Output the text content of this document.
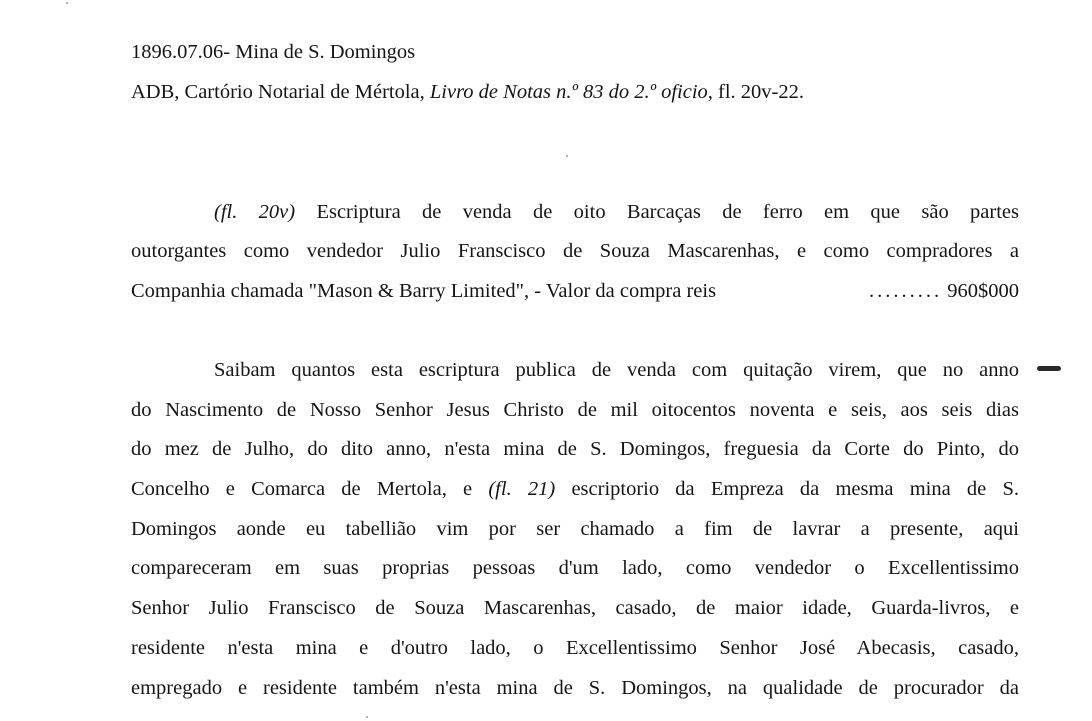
1896.07.06- Mina de S. Domingos
ADB, Cartório Notarial de Mértola, Livro de Notas n.º 83 do 2.º oficio, fl. 20v-22.
(fl. 20v) Escriptura de venda de oito Barcaças de ferro em que são partes
outorgantes como vendedor Julio Franscisco de Souza Mascarenhas, e como compradores a
Companhia chamada "Mason & Barry Limited", - Valor da compra reis	......... 960$000
Saibam quantos esta escriptura publica de venda com quitação virem, que no anno
do Nascimento de Nosso Senhor Jesus Christo de mil oitocentos noventa e seis, aos seis dias
do mez de Julho, do dito anno, n'esta mina de S. Domingos, freguesia da Corte do Pinto, do
Concelho e Comarca de Mertola, e (fl. 21) escriptorio da Empreza da mesma mina de S.
Domingos aonde eu tabellião vim por ser chamado a fim de lavrar a presente, aqui
compareceram em suas proprias pessoas d'um lado, como vendedor o Excellentissimo
Senhor Julio Franscisco de Souza Mascarenhas, casado, de maior idade, Guarda-livros, e
residente n'esta mina e d'outro lado, o Excellentissimo Senhor José Abecasis, casado,
empregado e residente também n'esta mina de S. Domingos, na qualidade de procurador da
